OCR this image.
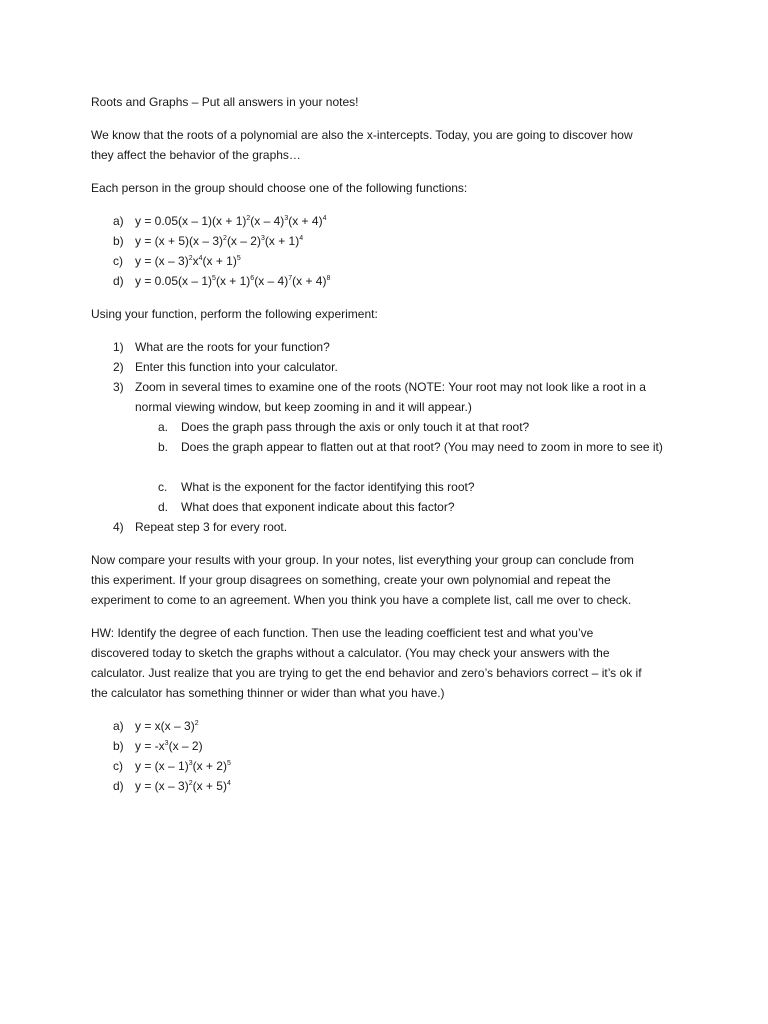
Roots and Graphs – Put all answers in your notes!
We know that the roots of a polynomial are also the x-intercepts. Today, you are going to discover how
they affect the behavior of the graphs…
Each person in the group should choose one of the following functions:
a) $y = 0.05(x - 1)(x + 1)^2(x - 4)^3(x + 4)^4$
b) $y = (x + 5)(x - 3)^2(x - 2)^3(x + 1)^4$
c) $y = (x - 3)^2x^4(x + 1)^5$
d) $y = 0.05(x - 1)^5(x + 1)^6(x - 4)^7(x + 4)^8$
Using your function, perform the following experiment:
1) What are the roots for your function?
2) Enter this function into your calculator.
3) Zoom in several times to examine one of the roots (NOTE: Your root may not look like a root in a normal viewing window, but keep zooming in and it will appear.)
a. Does the graph pass through the axis or only touch it at that root?
b. Does the graph appear to flatten out at that root? (You may need to zoom in more to see it)
c. What is the exponent for the factor identifying this root?
d. What does that exponent indicate about this factor?
4) Repeat step 3 for every root.
Now compare your results with your group. In your notes, list everything your group can conclude from
this experiment. If your group disagrees on something, create your own polynomial and repeat the
experiment to come to an agreement. When you think you have a complete list, call me over to check.
HW: Identify the degree of each function. Then use the leading coefficient test and what you’ve
discovered today to sketch the graphs without a calculator. (You may check your answers with the
calculator. Just realize that you are trying to get the end behavior and zero’s behaviors correct – it’s ok if
the calculator has something thinner or wider than what you have.)
a) y = x(x – 3)$^2$
b) $y = -x^3(x - 2)$
c) $y = (x - 1)^3(x + 2)^5$
d) $y = (x - 3)^2(x + 5)^4$
